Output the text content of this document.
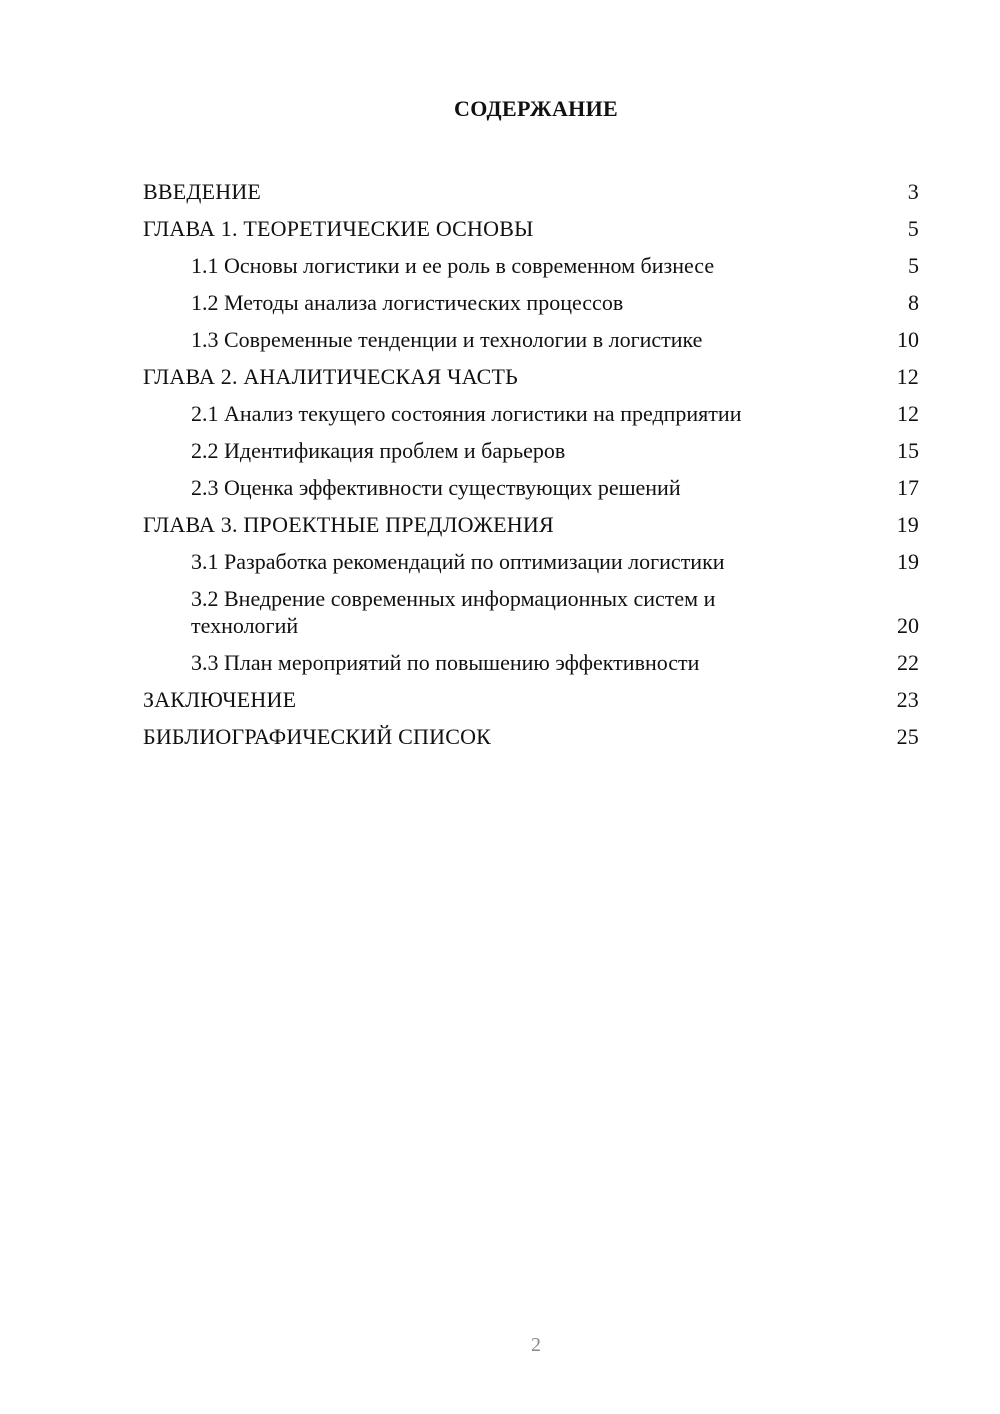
СОДЕРЖАНИЕ
ВВЕДЕНИЕ	3
ГЛАВА 1. ТЕОРЕТИЧЕСКИЕ ОСНОВЫ	5
1.1 Основы логистики и ее роль в современном бизнесе	5
1.2 Методы анализа логистических процессов	8
1.3 Современные тенденции и технологии в логистике	10
ГЛАВА 2. АНАЛИТИЧЕСКАЯ ЧАСТЬ	12
2.1 Анализ текущего состояния логистики на предприятии	12
2.2 Идентификация проблем и барьеров	15
2.3 Оценка эффективности существующих решений	17
ГЛАВА 3. ПРОЕКТНЫЕ ПРЕДЛОЖЕНИЯ	19
3.1 Разработка рекомендаций по оптимизации логистики	19
3.2 Внедрение современных информационных систем и технологий	20
3.3 План мероприятий по повышению эффективности	22
ЗАКЛЮЧЕНИЕ	23
БИБЛИОГРАФИЧЕСКИЙ СПИСОК	25
2
